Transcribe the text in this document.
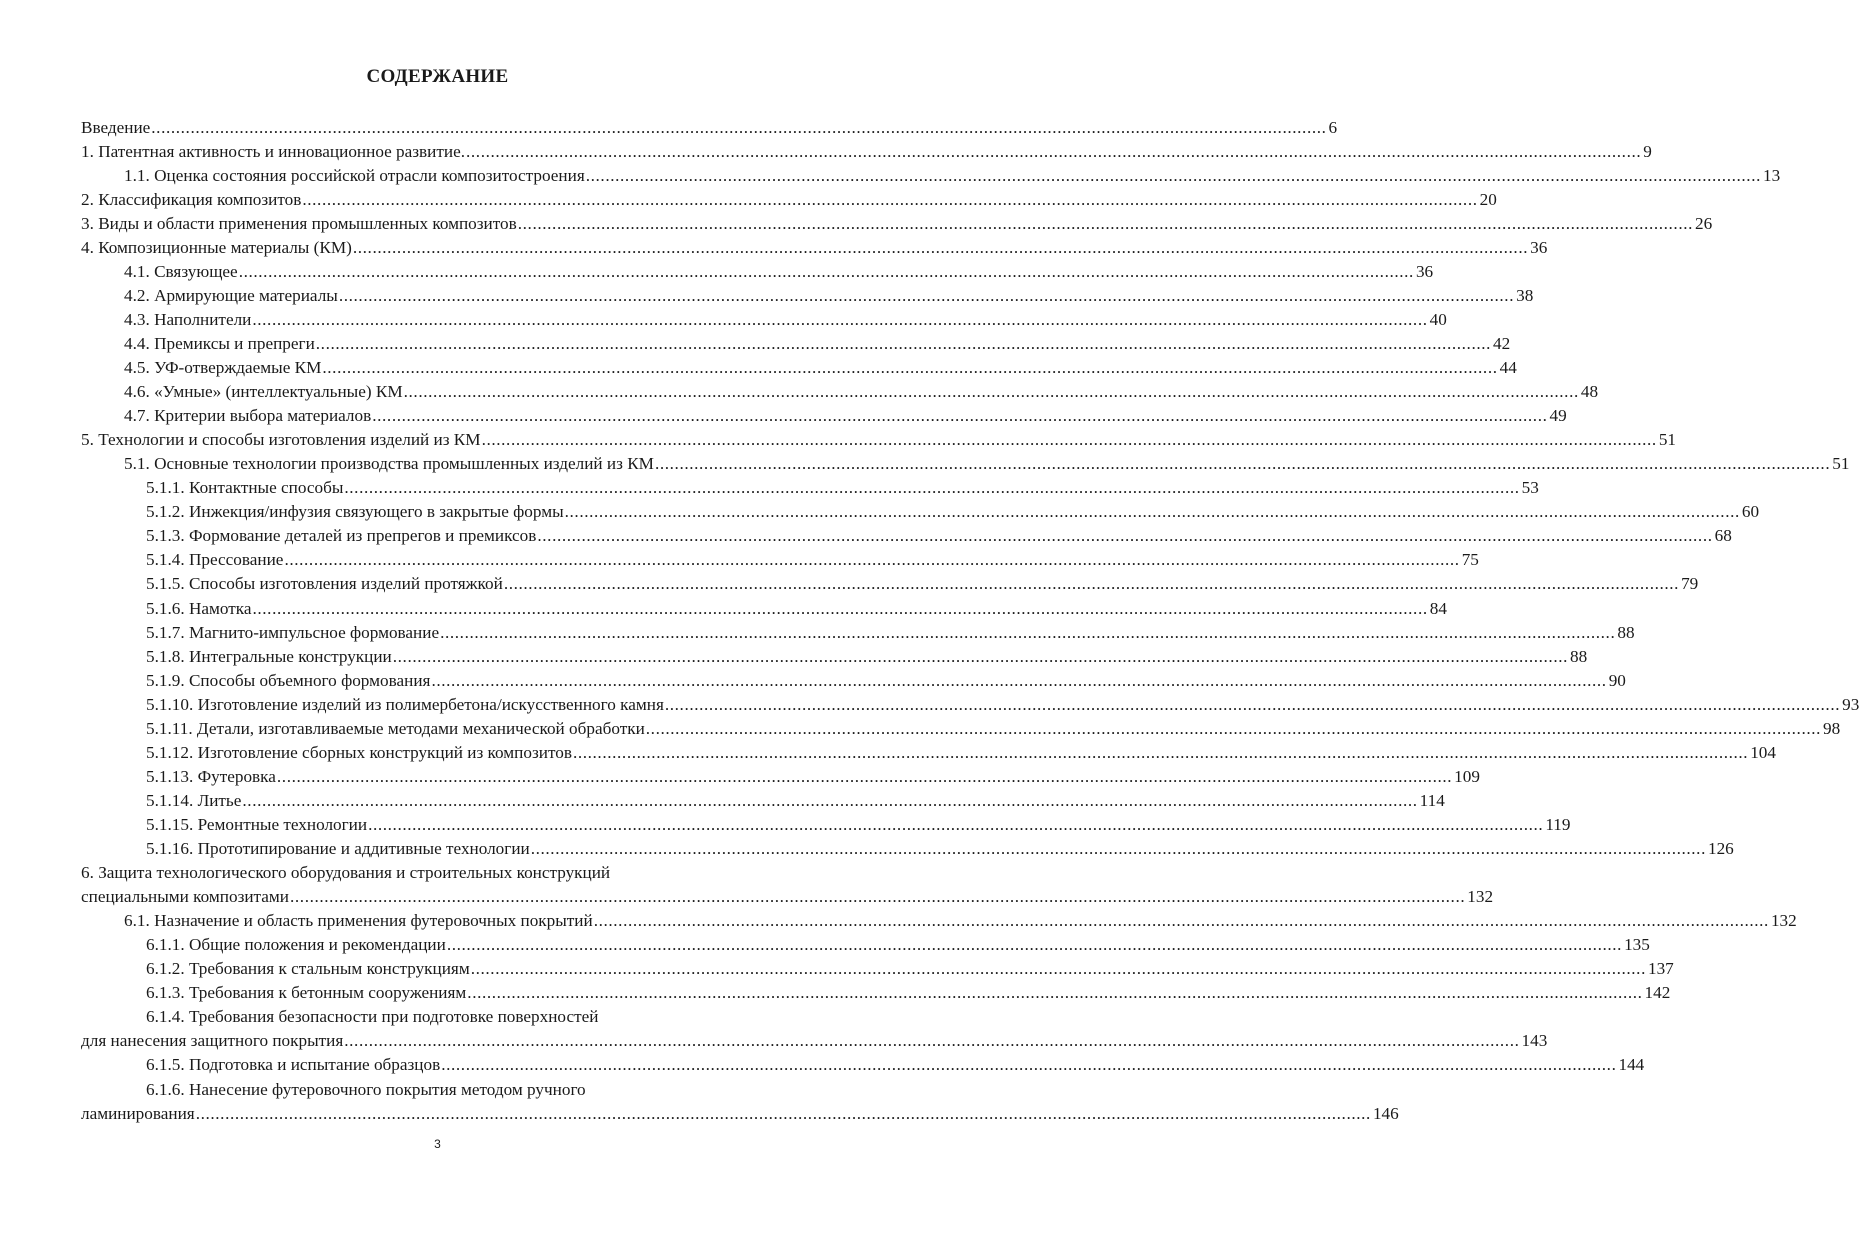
СОДЕРЖАНИЕ
Введение .....	6
1. Патентная активность и инновационное развитие. .....	9
1.1. Оценка состояния российской отрасли композитостроения .....	13
2. Классификация композитов .....	20
3. Виды и области применения промышленных композитов .....	26
4. Композиционные материалы (КМ) .....	36
4.1. Связующее .....	36
4.2. Армирующие материалы .....	38
4.3. Наполнители .....	40
4.4. Премиксы и препреги .....	42
4.5. УФ-отверждаемые КМ .....	44
4.6. «Умные» (интеллектуальные) КМ .....	48
4.7. Критерии выбора материалов .....	49
5. Технологии и способы изготовления изделий из КМ .....	51
5.1. Основные технологии производства промышленных изделий из КМ .....	51
5.1.1. Контактные способы .....	53
5.1.2. Инжекция/инфузия связующего в закрытые формы .....	60
5.1.3. Формование деталей из препрегов и премиксов .....	68
5.1.4. Прессование .....	75
5.1.5. Способы изготовления изделий протяжкой .....	79
5.1.6. Намотка .....	84
5.1.7. Магнито-импульсное формование .....	88
5.1.8. Интегральные конструкции .....	88
5.1.9. Способы объемного формования .....	90
5.1.10. Изготовление изделий из полимербетона/искусственного камня .....	93
5.1.11. Детали, изготавливаемые методами механической обработки .....	98
5.1.12. Изготовление сборных конструкций из композитов .....	104
5.1.13. Футеровка .....	109
5.1.14. Литье .....	114
5.1.15. Ремонтные технологии .....	119
5.1.16. Прототипирование и аддитивные технологии .....	126
6. Защита технологического оборудования и строительных конструкций
специальными композитами .....	132
6.1. Назначение и область применения футеровочных покрытий .....	132
6.1.1. Общие положения и рекомендации .....	135
6.1.2. Требования к стальным конструкциям .....	137
6.1.3. Требования к бетонным сооружениям .....	142
6.1.4. Требования безопасности при подготовке поверхностей
для нанесения защитного покрытия .....	143
6.1.5. Подготовка и испытание образцов .....	144
6.1.6. Нанесение футеровочного покрытия методом ручного
ламинирования .....	146
3
